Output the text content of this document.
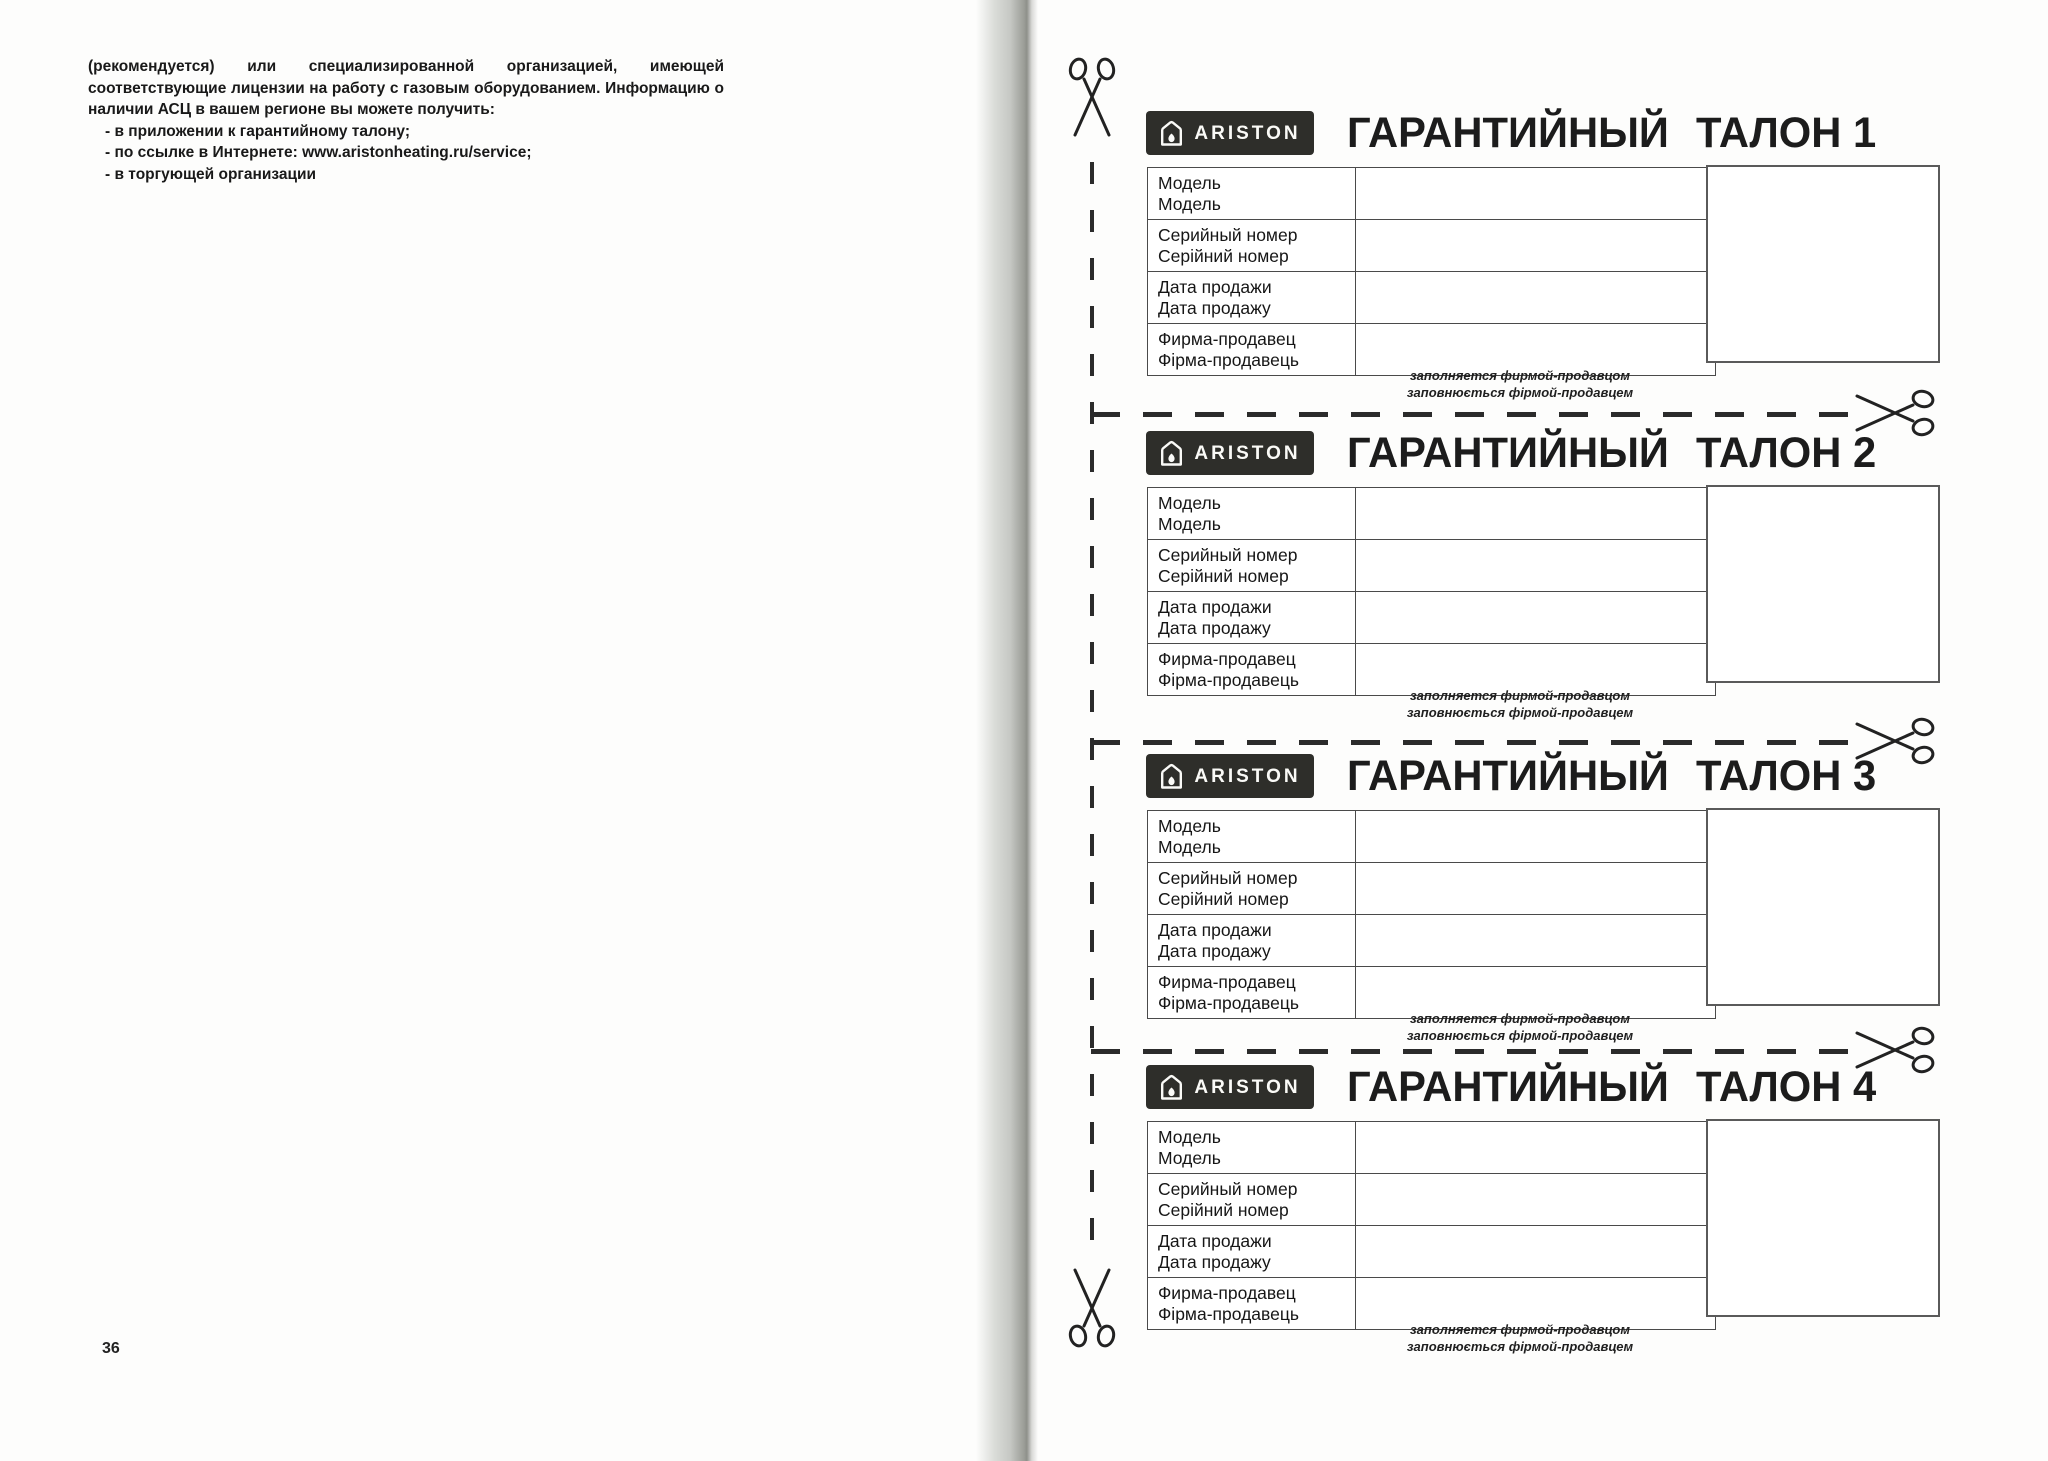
(рекомендуется) или специализированной организацией, имеющей соответствующие лицензии на работу с газовым оборудованием. Информацию о наличии АСЦ в вашем регионе вы можете получить:
- в приложении к гарантийному талону;
- по ссылке в Интернете: www.aristonheating.ru/service;
- в торгующей организации
36
ARISTON ГАРАНТИЙНЫЙ ТАЛОН 1
Модель
Модель	

Серийный номер
Серійний номер	

Дата продажи
Дата продажу	

Фирма-продавец
Фірма-продавець	

заполняется фирмой-продавцом
заповнюється фірмой-продавцем
ARISTON ГАРАНТИЙНЫЙ ТАЛОН 2
Модель
Модель	

Серийный номер
Серійний номер	

Дата продажи
Дата продажу	

Фирма-продавец
Фірма-продавець	

заполняется фирмой-продавцом
заповнюється фірмой-продавцем
ARISTON ГАРАНТИЙНЫЙ ТАЛОН 3
Модель
Модель	

Серийный номер
Серійний номер	

Дата продажи
Дата продажу	

Фирма-продавец
Фірма-продавець	

заполняется фирмой-продавцом
заповнюється фірмой-продавцем
ARISTON ГАРАНТИЙНЫЙ ТАЛОН 4
Модель
Модель	

Серийный номер
Серійний номер	

Дата продажи
Дата продажу	

Фирма-продавец
Фірма-продавець	

заполняется фирмой-продавцом
заповнюється фірмой-продавцем
